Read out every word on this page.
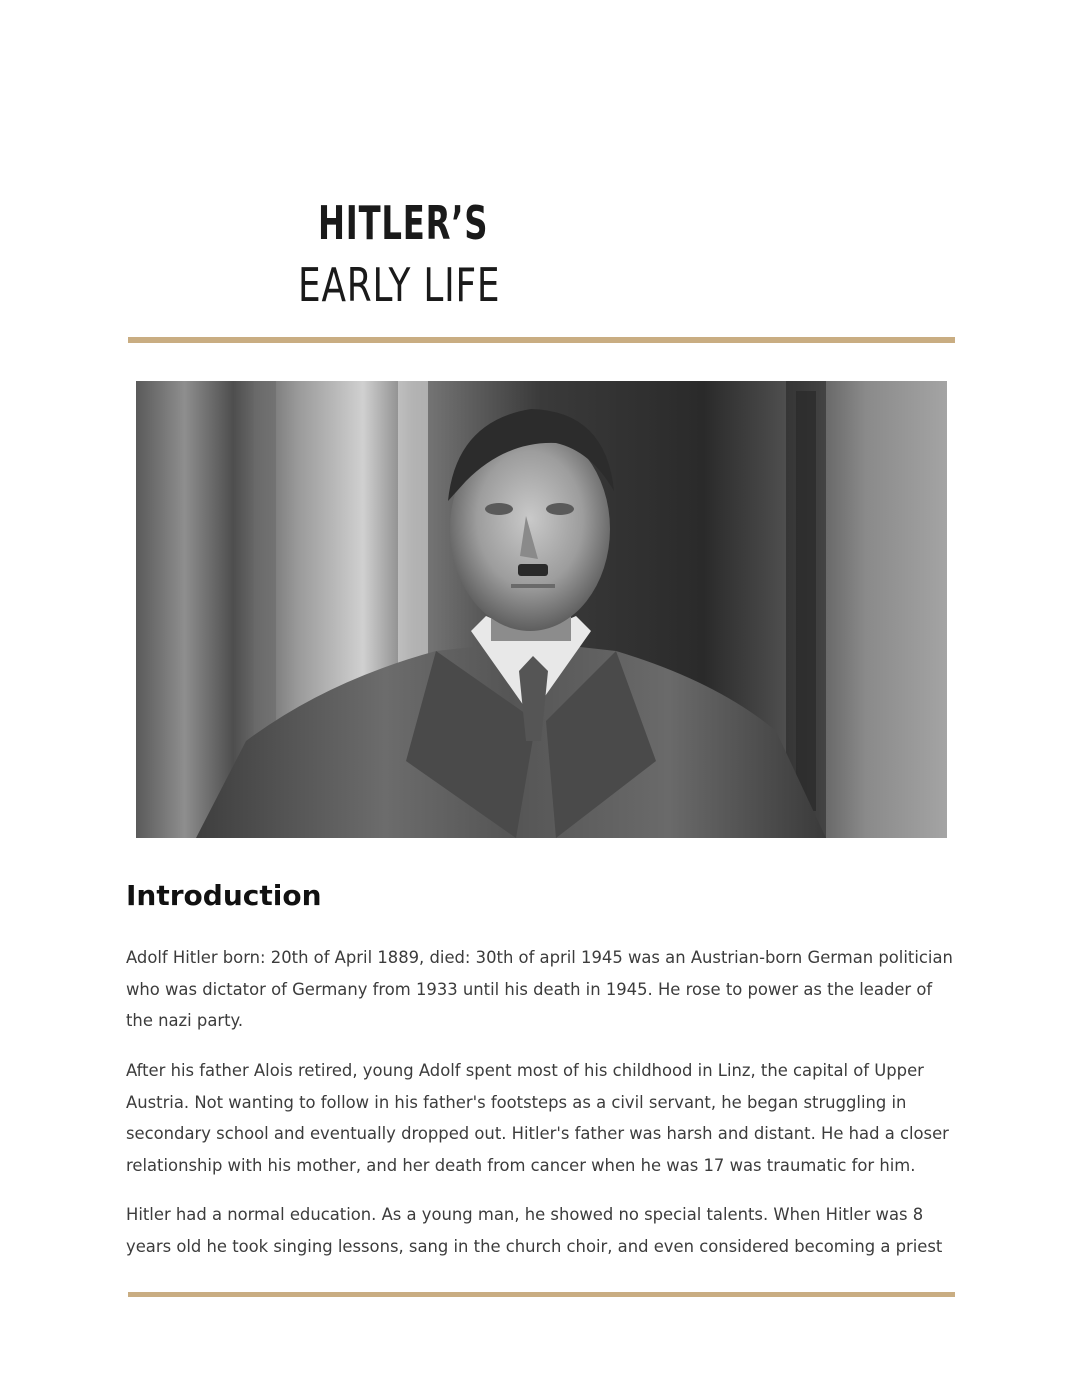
HITLER’S
EARLY LIFE
Introduction

Adolf Hitler born: 20th of April 1889, died: 30th of april 1945 was an Austrian-born German politician who was dictator of Germany from 1933 until his death in 1945. He rose to power as the leader of the nazi party.

After his father Alois retired, young Adolf spent most of his childhood in Linz, the capital of Upper Austria. Not wanting to follow in his father's footsteps as a civil servant, he began struggling in secondary school and eventually dropped out. Hitler's father was harsh and distant. He had a closer relationship with his mother, and her death from cancer when he was 17 was traumatic for him.

Hitler had a normal education. As a young man, he showed no special talents. When Hitler was 8 years old he took singing lessons, sang in the church choir, and even considered becoming a priest
